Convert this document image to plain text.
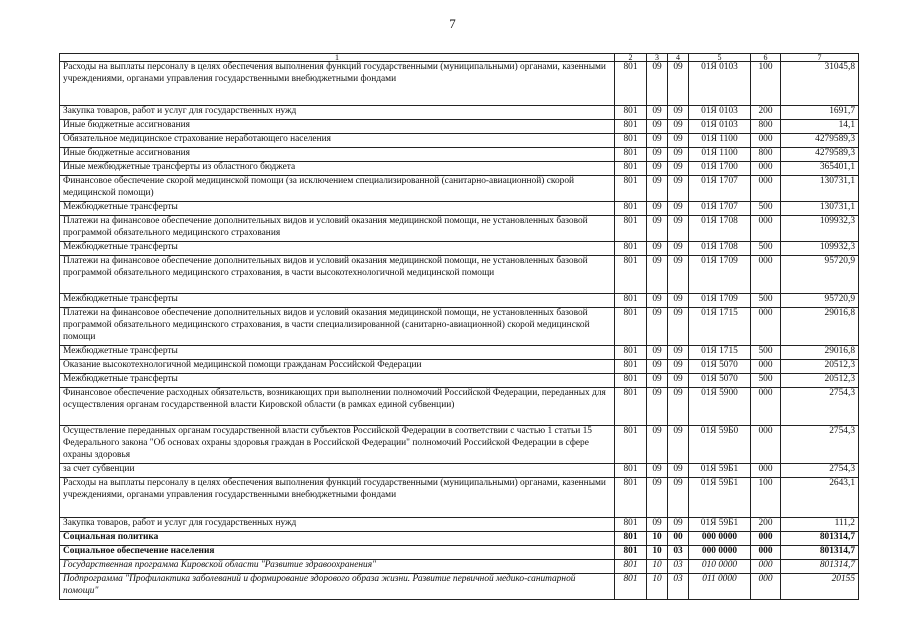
7
1	2	3	4	5	6	7
Расходы на выплаты персоналу в целях обеспечения выполнения функций государственными (муниципальными) органами, казенными учреждениями, органами управления государственными внебюджетными фондами	801	09	09	01Я 0103	100	31045,8
Закупка товаров, работ и услуг для государственных нужд	801	09	09	01Я 0103	200	1691,7
Иные бюджетные ассигнования	801	09	09	01Я 0103	800	14,1
Обязательное медицинское страхование неработающего населения	801	09	09	01Я 1100	000	4279589,3
Иные бюджетные ассигнования	801	09	09	01Я 1100	800	4279589,3
Иные межбюджетные трансферты из областного бюджета	801	09	09	01Я 1700	000	365401,1
Финансовое обеспечение скорой медицинской помощи (за исключением специализированной (санитарно-авиационной) скорой медицинской помощи)	801	09	09	01Я 1707	000	130731,1
Межбюджетные трансферты	801	09	09	01Я 1707	500	130731,1
Платежи на финансовое обеспечение дополнительных видов и условий оказания медицинской помощи, не установленных базовой программой обязательного медицинского страхования	801	09	09	01Я 1708	000	109932,3
Межбюджетные трансферты	801	09	09	01Я 1708	500	109932,3
Платежи на финансовое обеспечение дополнительных видов и условий оказания медицинской помощи, не установленных базовой программой обязательного медицинского страхования, в части высокотехнологичной медицинской помощи	801	09	09	01Я 1709	000	95720,9
Межбюджетные трансферты	801	09	09	01Я 1709	500	95720,9
Платежи на финансовое обеспечение дополнительных видов и условий оказания медицинской помощи, не установленных базовой программой обязательного медицинского страхования, в части специализированной (санитарно-авиационной) скорой медицинской помощи	801	09	09	01Я 1715	000	29016,8
Межбюджетные трансферты	801	09	09	01Я 1715	500	29016,8
Оказание высокотехнологичной медицинской помощи гражданам Российской Федерации	801	09	09	01Я 5070	000	20512,3
Межбюджетные трансферты	801	09	09	01Я 5070	500	20512,3
Финансовое обеспечение расходных обязательств, возникающих при выполнении полномочий Российской Федерации, переданных для осуществления органам государственной власти Кировской области (в рамках единой субвенции)	801	09	09	01Я 5900	000	2754,3
Осуществление переданных органам государственной власти субъектов Российской Федерации в соответствии с частью 1 статьи 15 Федерального закона "Об основах охраны здоровья граждан в Российской Федерации" полномочий Российской Федерации в сфере охраны здоровья	801	09	09	01Я 59Б0	000	2754,3
за счет субвенции	801	09	09	01Я 59Б1	000	2754,3
Расходы на выплаты персоналу в целях обеспечения выполнения функций государственными (муниципальными) органами, казенными учреждениями, органами управления государственными внебюджетными фондами	801	09	09	01Я 59Б1	100	2643,1
Закупка товаров, работ и услуг для государственных нужд	801	09	09	01Я 59Б1	200	111,2
Социальная политика	801	10	00	000 0000	000	801314,7
Социальное обеспечение населения	801	10	03	000 0000	000	801314,7
Государственная программа Кировской области "Развитие здравоохранения"	801	10	03	010 0000	000	801314,7
Подпрограмма "Профилактика заболеваний и формирование здорового образа жизни. Развитие первичной медико-санитарной помощи"	801	10	03	011 0000	000	20155
